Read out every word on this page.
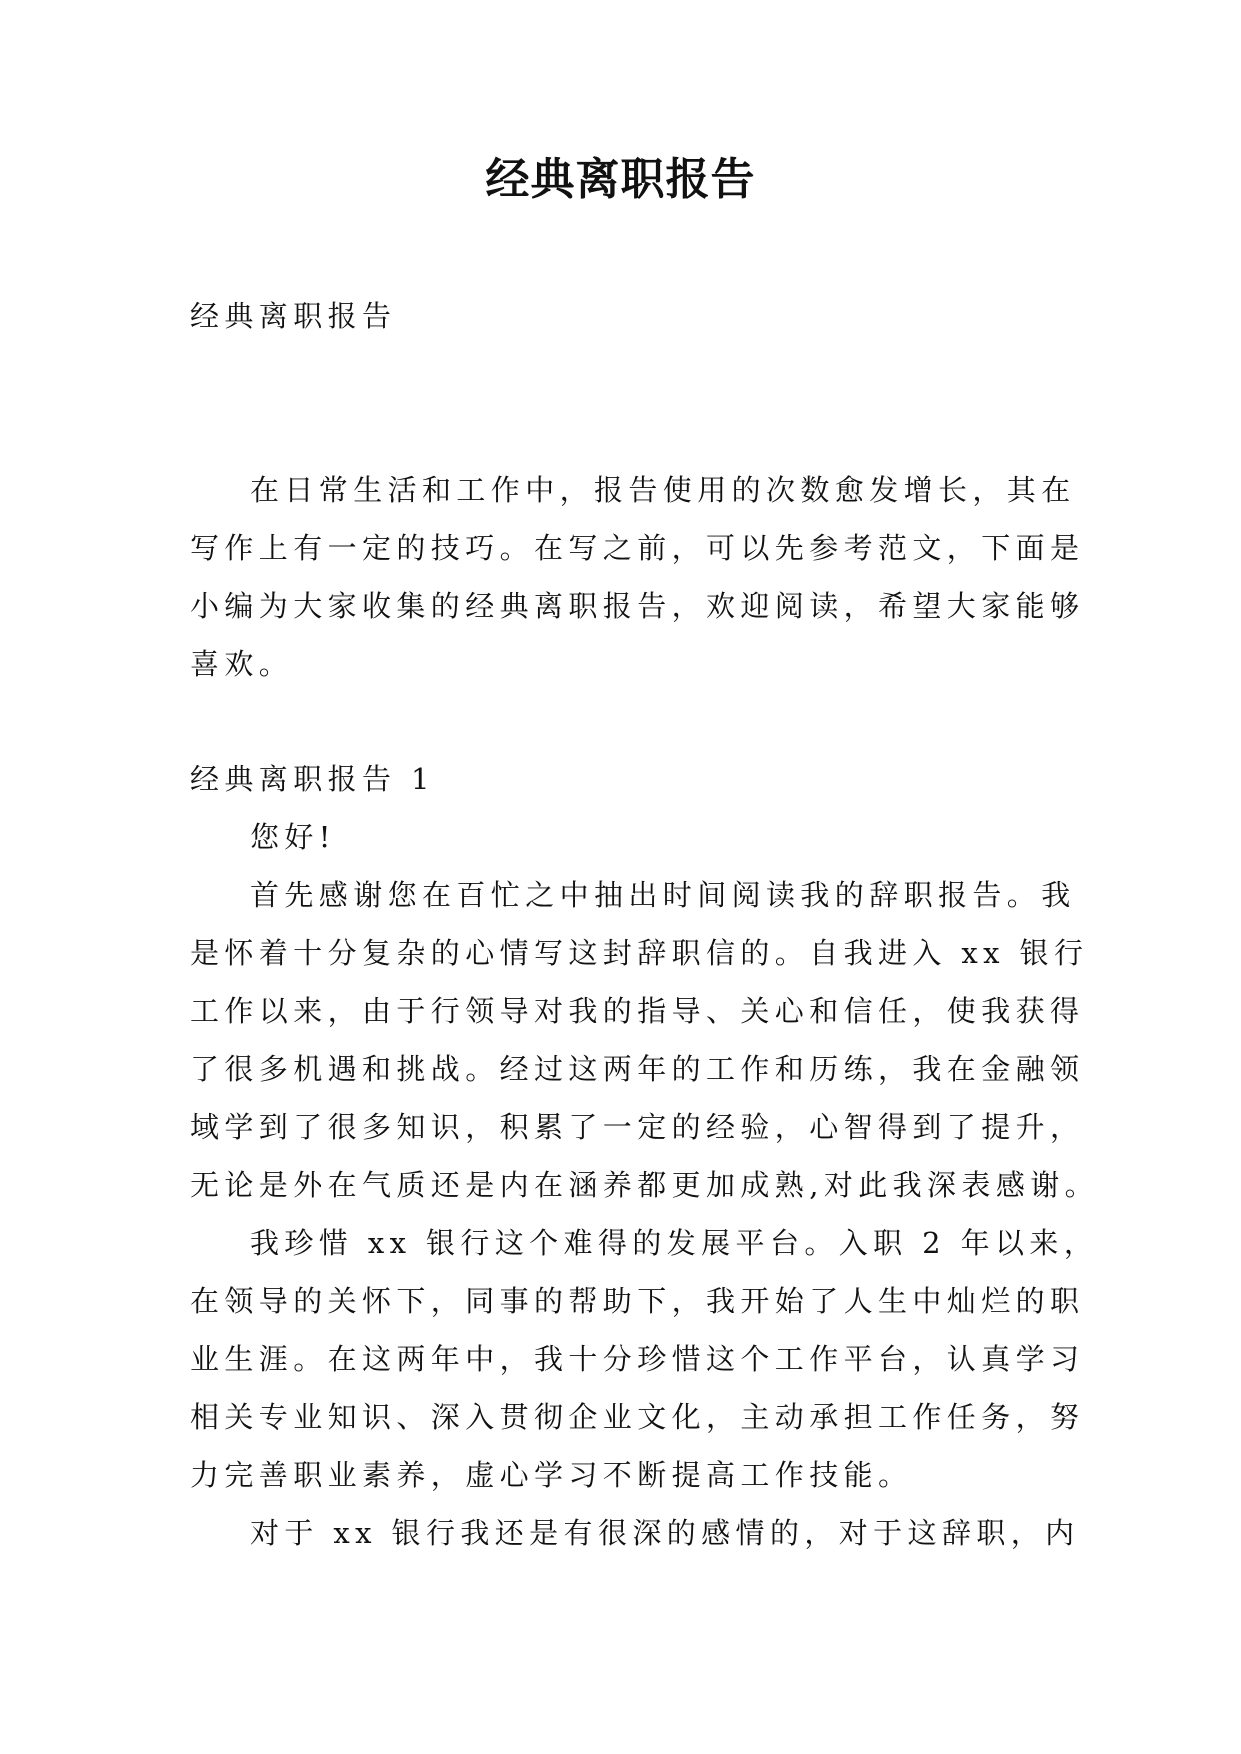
经典离职报告
经典离职报告
在日常生活和工作中，报告使用的次数愈发增长，其在
写作上有一定的技巧。在写之前，可以先参考范文，下面是
小编为大家收集的经典离职报告，欢迎阅读，希望大家能够
喜欢。
经典离职报告 1
您好!
首先感谢您在百忙之中抽出时间阅读我的辞职报告。我
是怀着十分复杂的心情写这封辞职信的。自我进入 xx 银行
工作以来，由于行领导对我的指导、关心和信任，使我获得
了很多机遇和挑战。经过这两年的工作和历练，我在金融领
域学到了很多知识，积累了一定的经验，心智得到了提升，
无论是外在气质还是内在涵养都更加成熟,对此我深表感谢。
我珍惜 xx 银行这个难得的发展平台。入职 2 年以来，
在领导的关怀下，同事的帮助下，我开始了人生中灿烂的职
业生涯。在这两年中，我十分珍惜这个工作平台，认真学习
相关专业知识、深入贯彻企业文化，主动承担工作任务，努
力完善职业素养，虚心学习不断提高工作技能。
对于 xx 银行我还是有很深的感情的，对于这辞职，内
